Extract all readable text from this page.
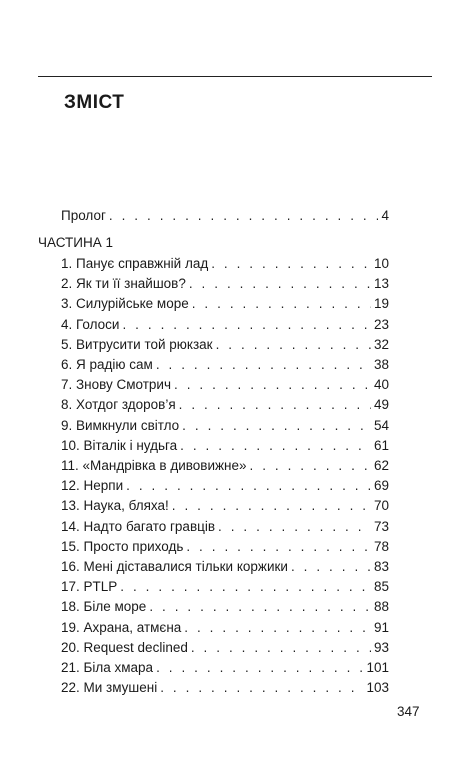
ЗМІСТ
Пролог . . .	4
ЧАСТИНА 1
1. Панує справжній лад . . .	10
2. Як ти її знайшов? . . .	13
3. Силурійське море . . .	19
4. Голоси . . .	23
5. Витрусити той рюкзак . . .	32
6. Я радію сам . . .	38
7. Знову Смотрич . . .	40
8. Хотдог здоров’я . . .	49
9. Вимкнули світло . . .	54
10. Віталік і нудьга . . .	61
11. «Мандрівка в дивовижне» . . .	62
12. Нерпи . . .	69
13. Наука, бляха! . . .	70
14. Надто багато гравців . . .	73
15. Просто приходь . . .	78
16. Мені діставалися тільки коржики . . .	83
17. PTLP . . .	85
18. Біле море . . .	88
19. Ахрана, атмєна . . .	91
20. Request declined . . .	93
21. Біла хмара . . .	101
22. Ми змушені . . .	103
347
